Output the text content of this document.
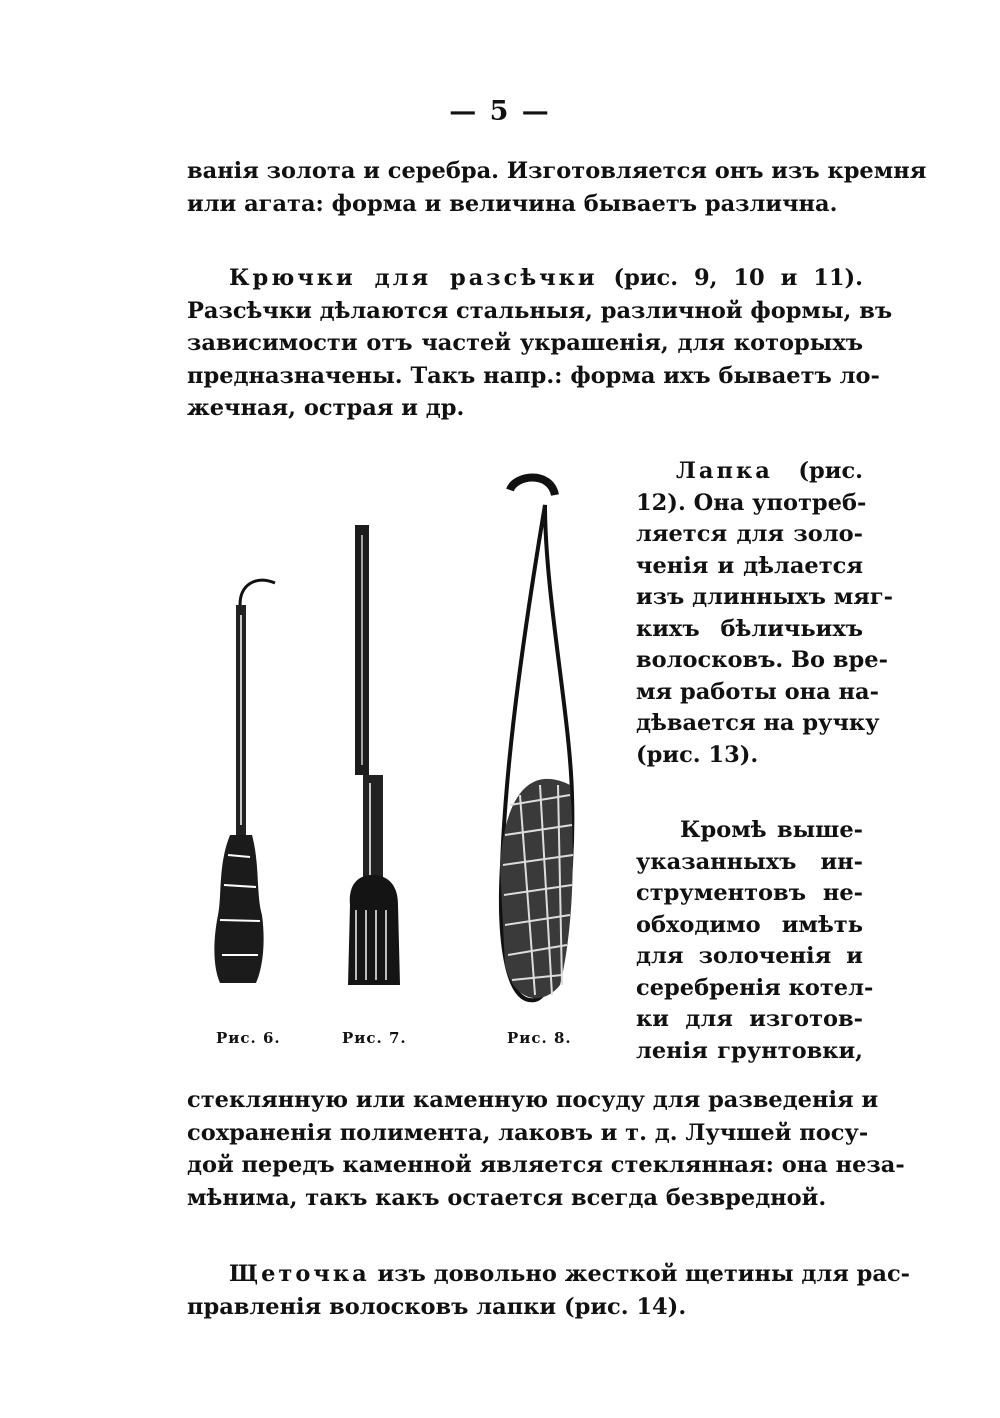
— 5 —
ванія золота и серебра. Изготовляется онъ изъ кремня
или агата: форма и величина бываетъ различна.
Крючки для разсѣчки (рис. 9, 10 и 11).
Разсѣчки дѣлаются стальныя, различной формы, въ
зависимости отъ частей украшенія, для которыхъ
предназначены. Такъ напр.: форма ихъ бываетъ ло-
жечная, острая и др.
Рис. 6.	Рис. 7.	Рис. 8.
Лапка (рис.
12). Она употреб-
ляется для золо-
ченія и дѣлается
изъ длинныхъ мяг-
кихъ бѣличьихъ
волосковъ. Во вре-
мя работы она на-
дѣвается на ручку
(рис. 13).
Кромѣ выше-
указанныхъ ин-
струментовъ не-
обходимо имѣть
для золоченія и
серебренія котел-
ки для изготов-
ленія грунтовки,
стеклянную или каменную посуду для разведенія и
сохраненія полимента, лаковъ и т. д. Лучшей посу-
дой передъ каменной является стеклянная: она неза-
мѣнима, такъ какъ остается всегда безвредной.
Щеточка изъ довольно жесткой щетины для рас-
правленія волосковъ лапки (рис. 14).
